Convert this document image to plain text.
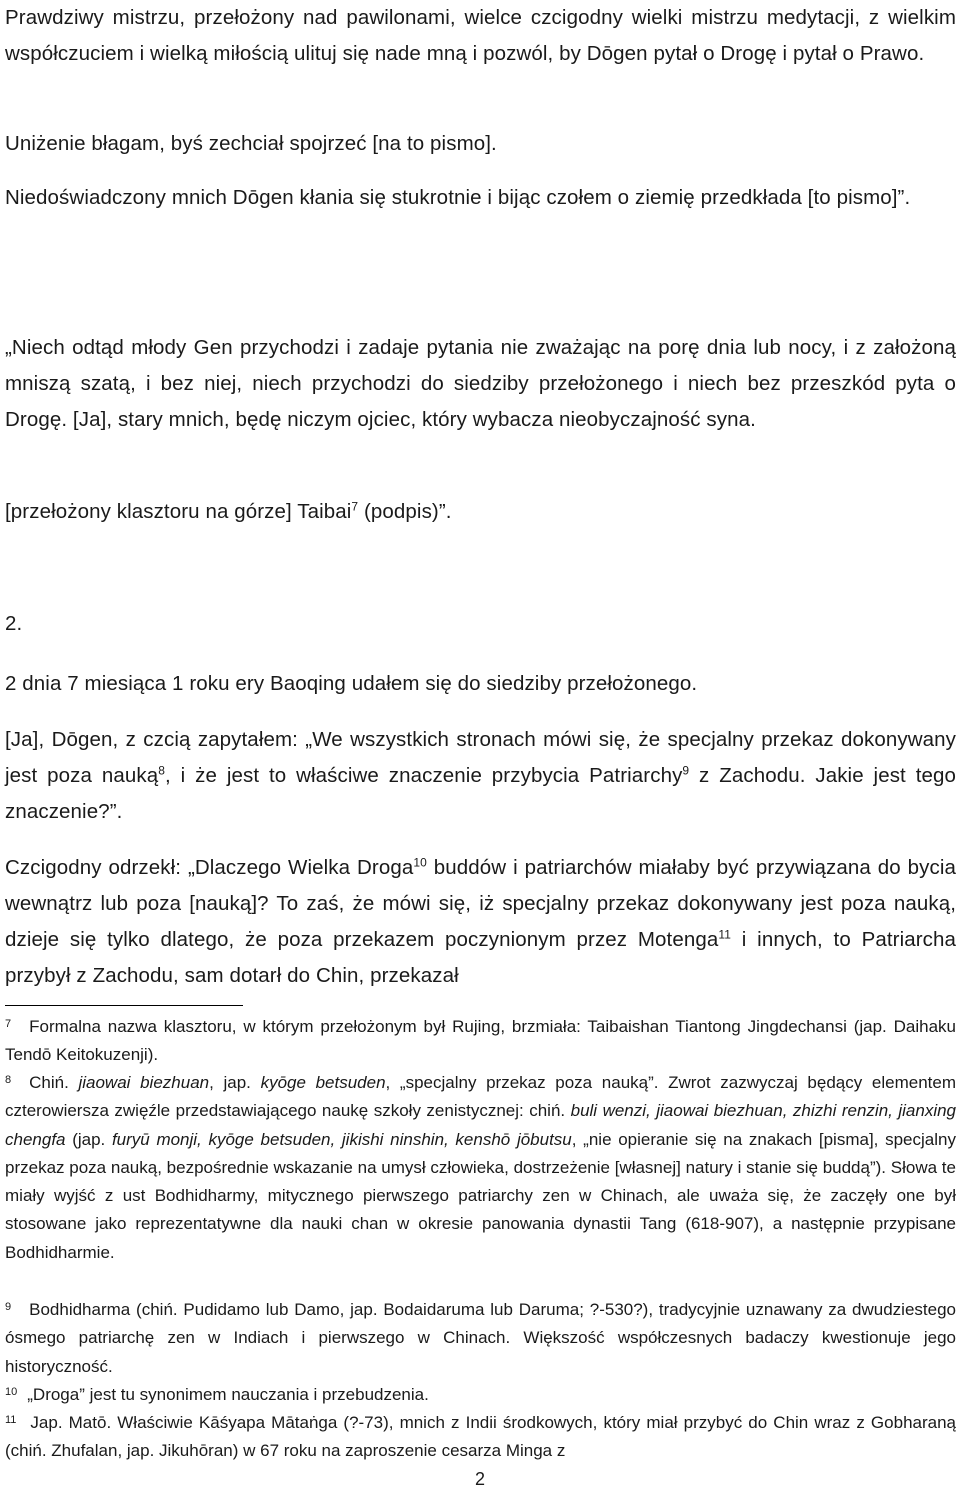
Prawdziwy mistrzu, przełożony nad pawilonami, wielce czcigodny wielki mistrzu medytacji, z wielkim współczuciem i wielką miłością ulituj się nade mną i pozwól, by Dōgen pytał o Drogę i pytał o Prawo.
Uniżenie błagam, byś zechciał spojrzeć [na to pismo].
Niedoświadczony mnich Dōgen kłania się stukrotnie i bijąc czołem o ziemię przedkłada [to pismo]”.
„Niech odtąd młody Gen przychodzi i zadaje pytania nie zważając na porę dnia lub nocy, i z założoną mniszą szatą, i bez niej, niech przychodzi do siedziby przełożonego i niech bez przeszkód pyta o Drogę. [Ja], stary mnich, będę niczym ojciec, który wybacza nieobyczajność syna.
[przełożony klasztoru na górze] Taibai$^7$ (podpis)”.
2.
2 dnia 7 miesiąca 1 roku ery Baoqing udałem się do siedziby przełożonego.
[Ja], Dōgen, z czcią zapytałem: „We wszystkich stronach mówi się, że specjalny przekaz dokonywany jest poza nauką$^8$, i że jest to właściwe znaczenie przybycia Patriarchy$^9$ z Zachodu. Jakie jest tego znaczenie?”.
Czcigodny odrzekł: „Dlaczego Wielka Droga$^{10}$ buddów i patriarchów miałaby być przywiązana do bycia wewnątrz lub poza [nauką]? To zaś, że mówi się, iż specjalny przekaz dokonywany jest poza nauką, dzieje się tylko dlatego, że poza przekazem poczynionym przez Motenga$^{11}$ i innych, to Patriarcha przybył z Zachodu, sam dotarł do Chin, przekazał
$^7$ Formalna nazwa klasztoru, w którym przełożonym był Rujing, brzmiała: Taibaishan Tiantong Jingdechansi (jap. Daihaku Tendō Keitokuzenji).
$^8$ Chiń. jiaowai biezhuan, jap. kyōge betsuden, „specjalny przekaz poza nauką”. Zwrot zazwyczaj będący elementem czterowiersza zwięźle przedstawiającego naukę szkoły zenistycznej: chiń. buli wenzi, jiaowai biezhuan, zhizhi renzin, jianxing chengfa (jap. furyū monji, kyōge betsuden, jikishi ninshin, kenshō jōbutsu, „nie opieranie się na znakach [pisma], specjalny przekaz poza nauką, bezpośrednie wskazanie na umysł człowieka, dostrzeżenie [własnej] natury i stanie się buddą”). Słowa te miały wyjść z ust Bodhidharmy, mitycznego pierwszego patriarchy zen w Chinach, ale uważa się, że zaczęły one był stosowane jako reprezentatywne dla nauki chan w okresie panowania dynastii Tang (618-907), a następnie przypisane Bodhidharmie.
$^9$ Bodhidharma (chiń. Pudidamo lub Damo, jap. Bodaidaruma lub Daruma; ?-530?), tradycyjnie uznawany za dwudziestego ósmego patriarchę zen w Indiach i pierwszego w Chinach. Większość współczesnych badaczy kwestionuje jego historyczność.
$^{10}$ „Droga” jest tu synonimem nauczania i przebudzenia.
$^{11}$ Jap. Matō. Właściwie Kāśyapa Mātaṅga (?-73), mnich z Indii środkowych, który miał przybyć do Chin wraz z Gobharaną (chiń. Zhufalan, jap. Jikuhōran) w 67 roku na zaproszenie cesarza Minga z
2
